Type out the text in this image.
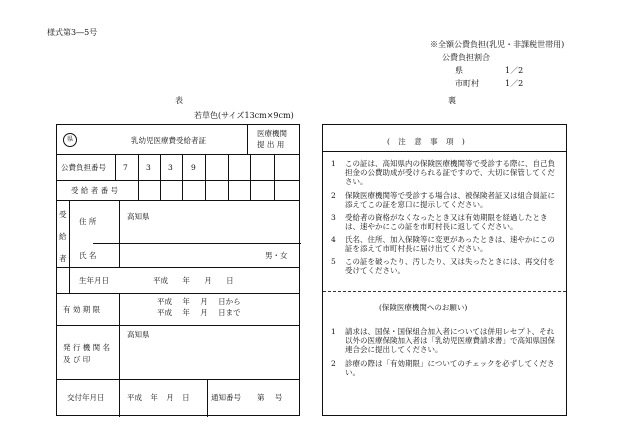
様式第3―5号
※全額公費負担(乳児・非課税世帯用)
公費負担割合
県	1／2
市町村	1／2
表	裏
若草色(サイズ13cm×9cm)
県	乳幼児医療費受給者証
医療機関
提 出 用
公費負担番号 7 3 3 9
受 給 者 番 号
受
給
者
住 所
高知県
氏 名	男・女
生年月日	平成 年 月 日
有 効 期 限
平成 年 月 日から
平成 年 月 日まで
発 行 機 関 名
及 び 印
高知県
交付年月日	平成 年 月 日	通知番号 第 号
( 注 意 事 項 )
1 この証は、高知県内の保険医療機関等で受診する際に、自己負担金の公費助成が受けられる証ですので、大切に保管してください。
2 保険医療機関等で受診する場合は、被保険者証又は組合員証に添えてこの証を窓口に提示してください。
3 受給者の資格がなくなったとき又は有効期限を経過したときは、速やかにこの証を市町村長に返してください。
4 氏名、住所、加入保険等に変更があったときは、速やかにこの証を添えて市町村長に届け出てください。
5 この証を破ったり、汚したり、又は失ったときには、再交付を受けてください。
(保険医療機関へのお願い)
1 請求は、国保・国保組合加入者については併用レセプト、それ以外の医療保険加入者は「乳幼児医療費請求書」で高知県国保連合会に提出してください。
2 診療の際は「有効期限」についてのチェックを必ずしてください。
